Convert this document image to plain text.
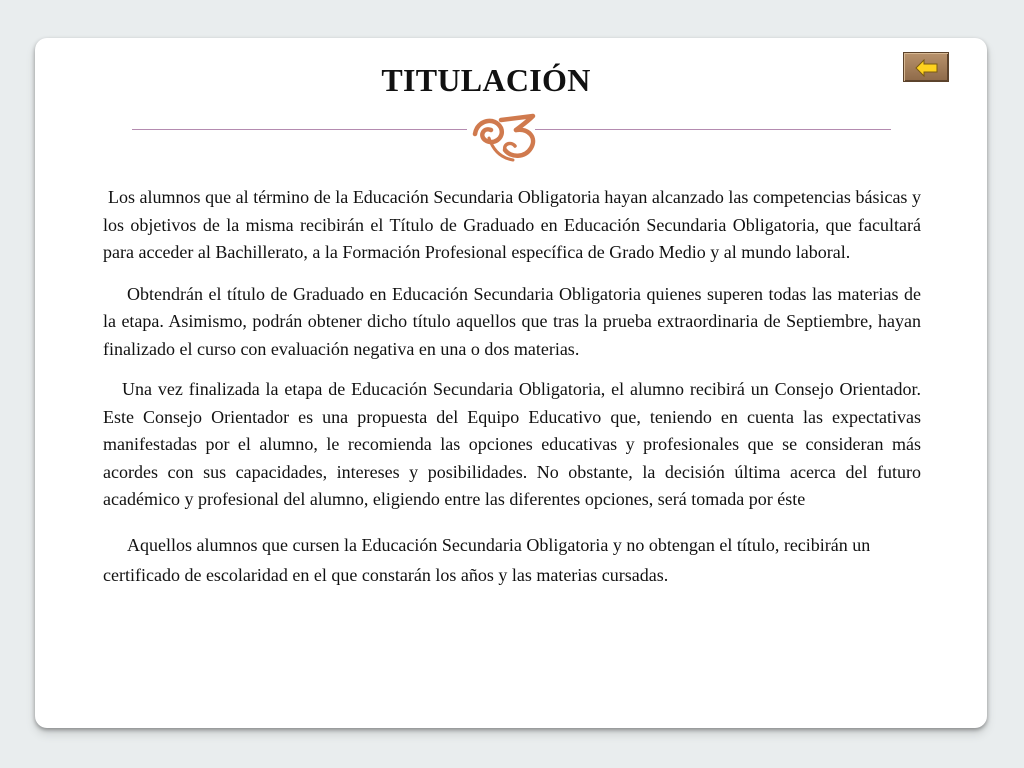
TITULACIÓN

Los alumnos que al término de la Educación Secundaria Obligatoria hayan alcanzado las competencias básicas y los objetivos de la misma recibirán el Título de Graduado en Educación Secundaria Obligatoria, que facultará para acceder al Bachillerato, a la Formación Profesional específica de Grado Medio y al mundo laboral.

Obtendrán el título de Graduado en Educación Secundaria Obligatoria quienes superen todas las materias de la etapa. Asimismo, podrán obtener dicho título aquellos que tras la prueba extraordinaria de Septiembre, hayan finalizado el curso con evaluación negativa en una o dos materias.

Una vez finalizada la etapa de Educación Secundaria Obligatoria, el alumno recibirá un Consejo Orientador. Este Consejo Orientador es una propuesta del Equipo Educativo que, teniendo en cuenta las expectativas manifestadas por el alumno, le recomienda las opciones educativas y profesionales que se consideran más acordes con sus capacidades, intereses y posibilidades. No obstante, la decisión última acerca del futuro académico y profesional del alumno, eligiendo entre las diferentes opciones, será tomada por éste

Aquellos alumnos que cursen la Educación Secundaria Obligatoria y no obtengan el título, recibirán un certificado de escolaridad en el que constarán los años y las materias cursadas.
